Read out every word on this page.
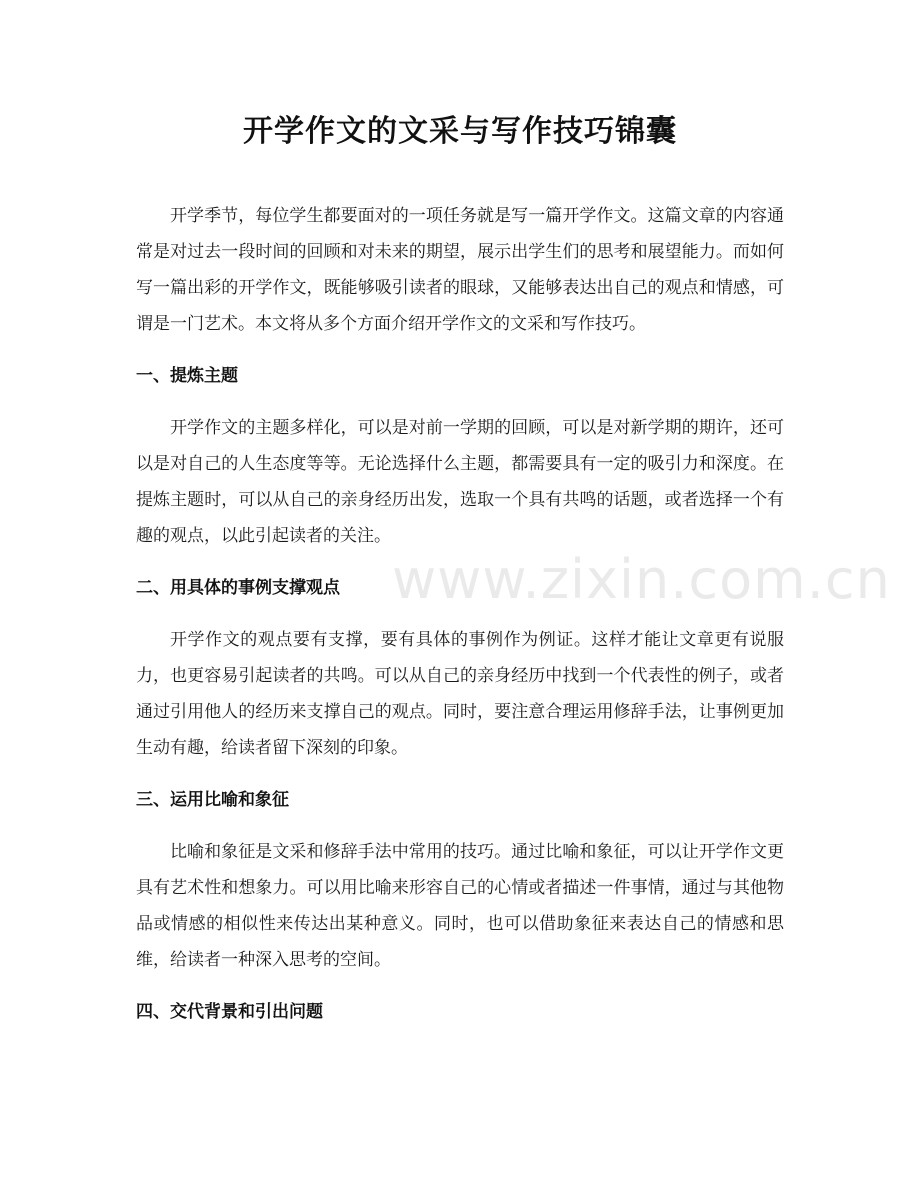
开学作文的文采与写作技巧锦囊

开学季节，每位学生都要面对的一项任务就是写一篇开学作文。这篇文章的内容通常是对过去一段时间的回顾和对未来的期望，展示出学生们的思考和展望能力。而如何写一篇出彩的开学作文，既能够吸引读者的眼球，又能够表达出自己的观点和情感，可谓是一门艺术。本文将从多个方面介绍开学作文的文采和写作技巧。

一、提炼主题

开学作文的主题多样化，可以是对前一学期的回顾，可以是对新学期的期许，还可以是对自己的人生态度等等。无论选择什么主题，都需要具有一定的吸引力和深度。在提炼主题时，可以从自己的亲身经历出发，选取一个具有共鸣的话题，或者选择一个有趣的观点，以此引起读者的关注。

二、用具体的事例支撑观点

开学作文的观点要有支撑，要有具体的事例作为例证。这样才能让文章更有说服力，也更容易引起读者的共鸣。可以从自己的亲身经历中找到一个代表性的例子，或者通过引用他人的经历来支撑自己的观点。同时，要注意合理运用修辞手法，让事例更加生动有趣，给读者留下深刻的印象。

三、运用比喻和象征

比喻和象征是文采和修辞手法中常用的技巧。通过比喻和象征，可以让开学作文更具有艺术性和想象力。可以用比喻来形容自己的心情或者描述一件事情，通过与其他物品或情感的相似性来传达出某种意义。同时，也可以借助象征来表达自己的情感和思维，给读者一种深入思考的空间。

四、交代背景和引出问题
www.zixin.com.cn
